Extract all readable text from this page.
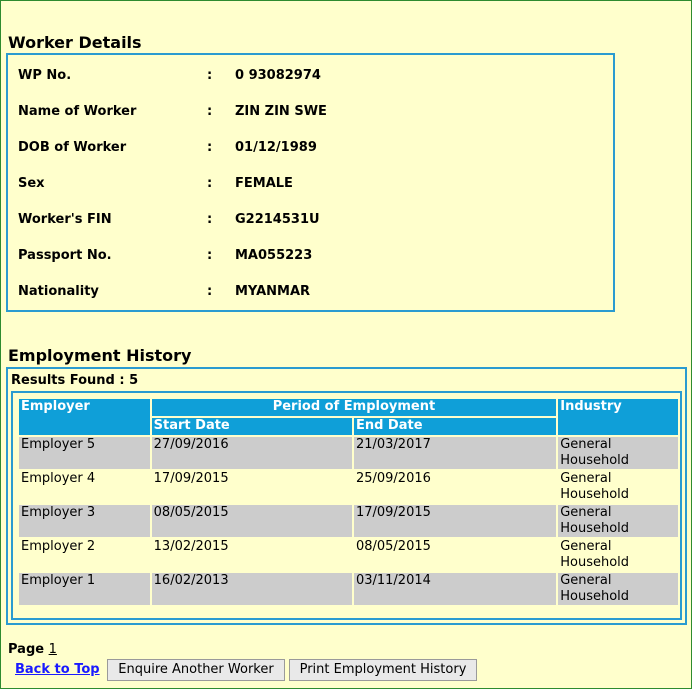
Worker Details
WP No.	: 0 93082974
Name of Worker	: ZIN ZIN SWE
DOB of Worker	: 01/12/1989
Sex	: FEMALE
Worker's FIN	: G2214531U
Passport No.	: MA055223
Nationality	: MYANMAR
Employment History
Results Found : 5
Employer	Period of Employment		Industry
	Start Date	End Date	
Employer 5	27/09/2016	21/03/2017	General
Household
Employer 4	17/09/2015	25/09/2016	General
Household
Employer 3	08/05/2015	17/09/2015	General
Household
Employer 2	13/02/2015	08/05/2015	General
Household
Employer 1	16/02/2013	03/11/2014	General
Household
Page 1
Back to Top	Enquire Another Worker	Print Employment History
